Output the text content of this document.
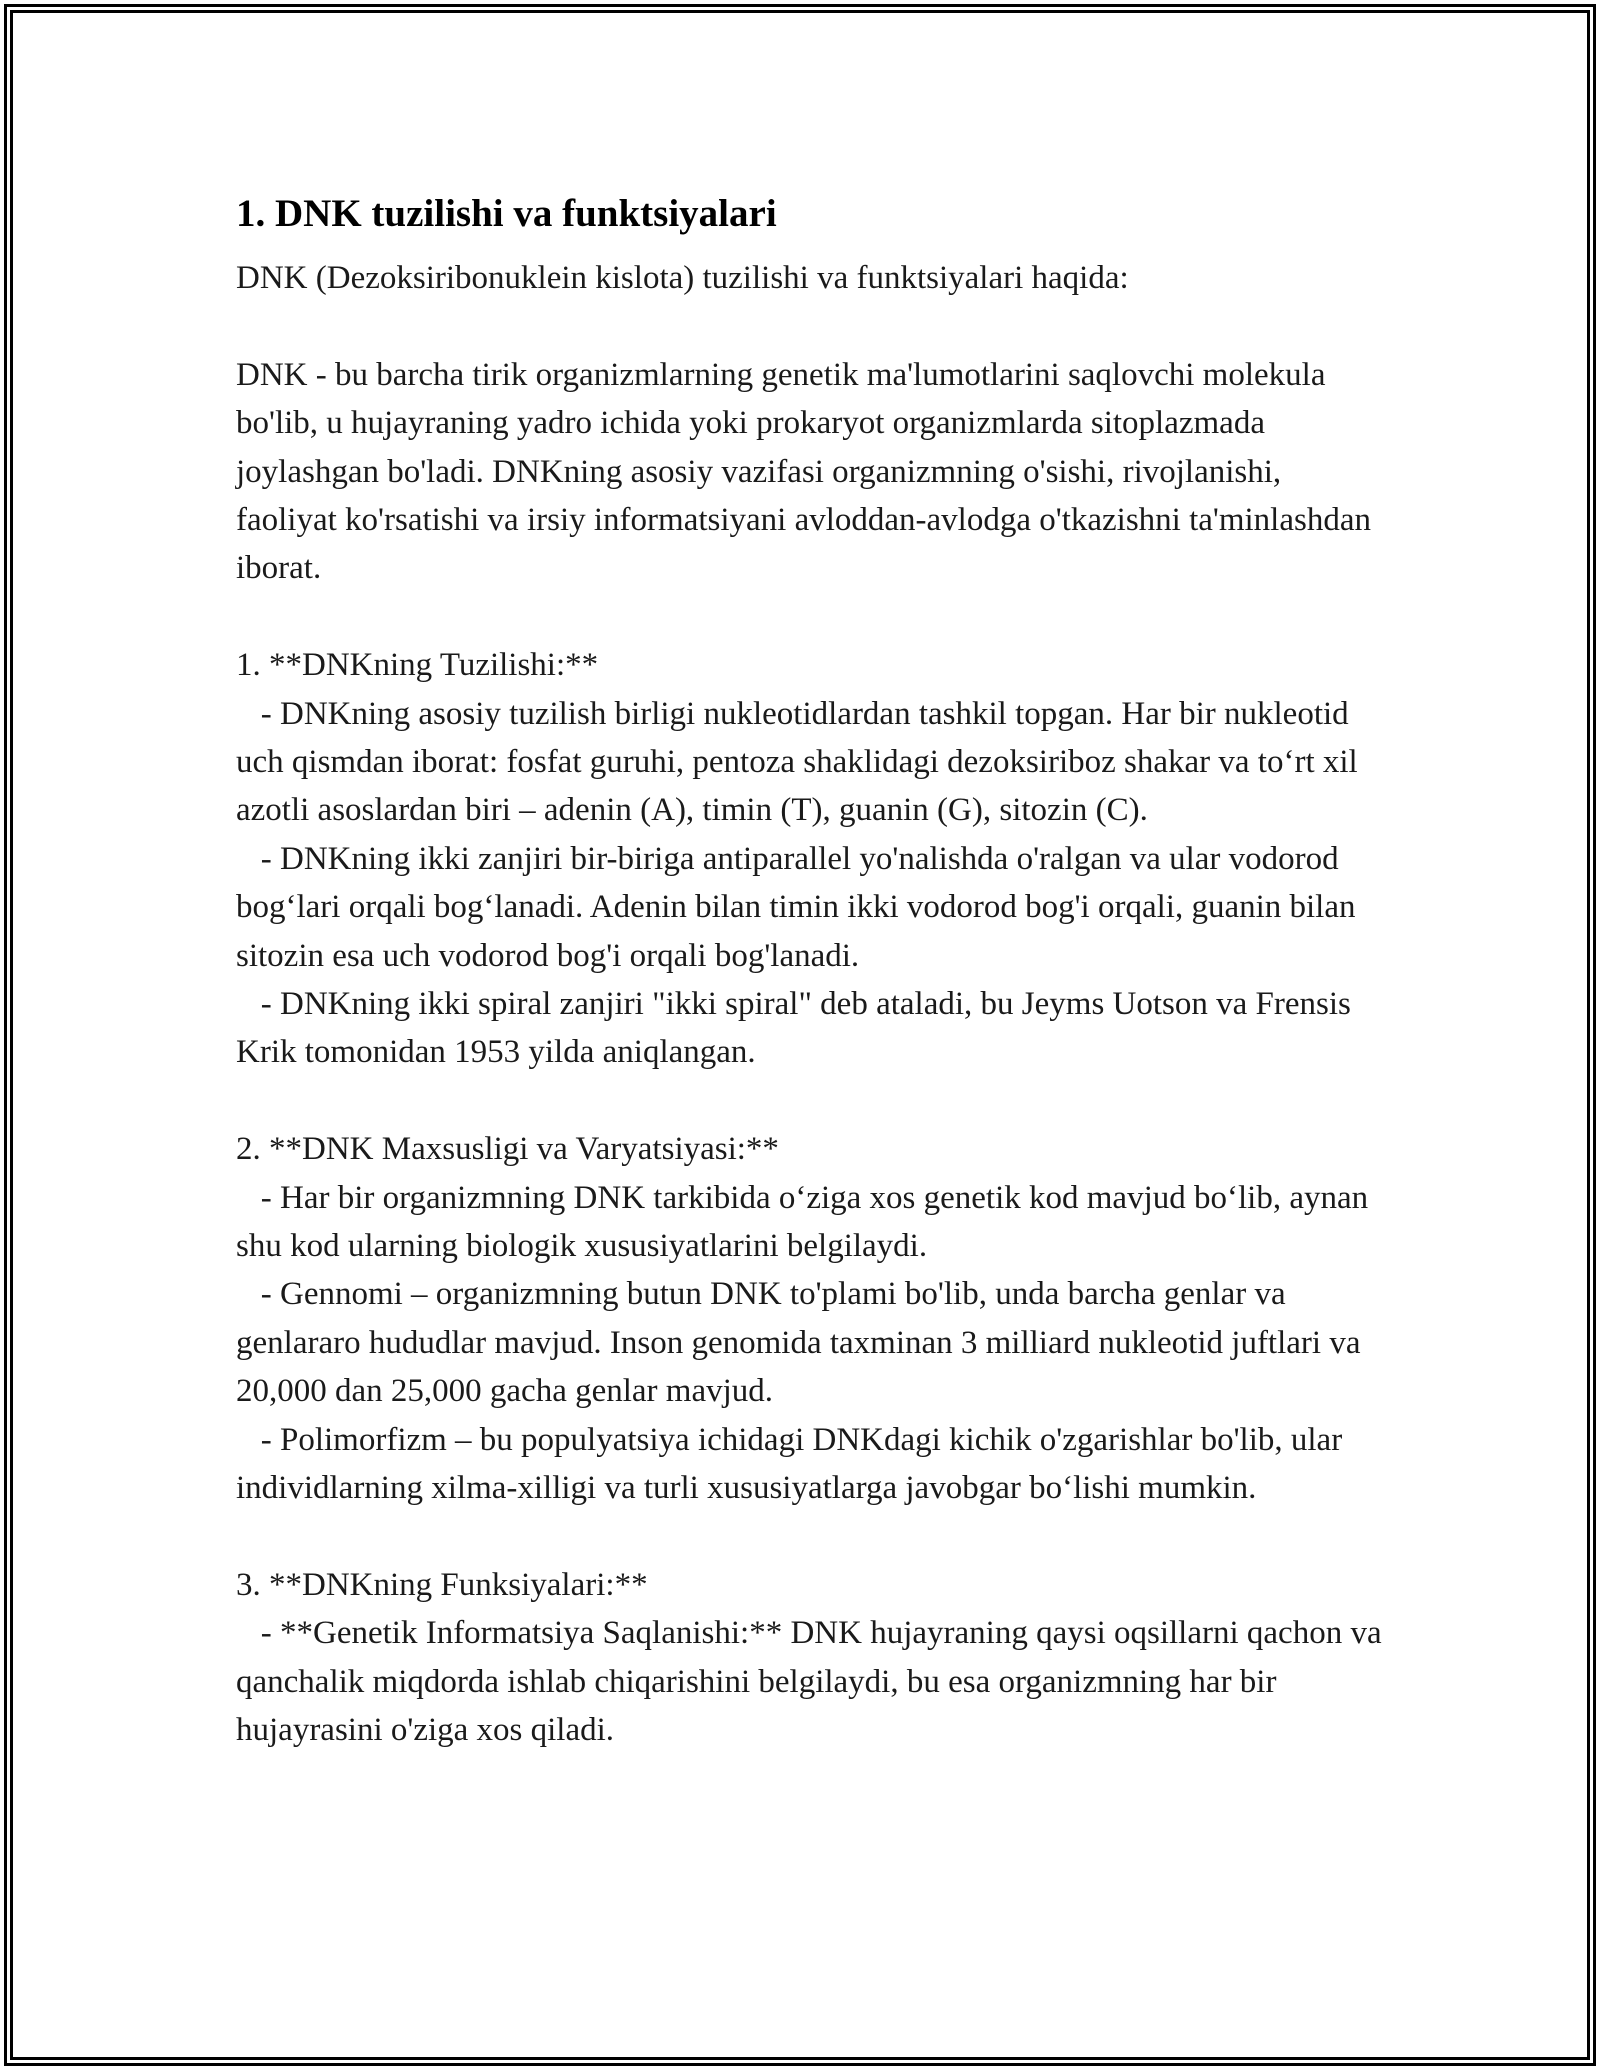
1. DNK tuzilishi va funktsiyalari

DNK (Dezoksiribonuklein kislota) tuzilishi va funktsiyalari haqida:

DNK - bu barcha tirik organizmlarning genetik ma'lumotlarini saqlovchi molekula bo'lib, u hujayraning yadro ichida yoki prokaryot organizmlarda sitoplazmada joylashgan bo'ladi. DNKning asosiy vazifasi organizmning o'sishi, rivojlanishi, faoliyat ko'rsatishi va irsiy informatsiyani avloddan-avlodga o'tkazishni ta'minlashdan iborat.

1. **DNKning Tuzilishi:**

- DNKning asosiy tuzilish birligi nukleotidlardan tashkil topgan. Har bir nukleotid uch qismdan iborat: fosfat guruhi, pentoza shaklidagi dezoksiriboz shakar va to‘rt xil azotli asoslardan biri – adenin (A), timin (T), guanin (G), sitozin (C).

- DNKning ikki zanjiri bir-biriga antiparallel yo'nalishda o'ralgan va ular vodorod bog‘lari orqali bog‘lanadi. Adenin bilan timin ikki vodorod bog'i orqali, guanin bilan sitozin esa uch vodorod bog'i orqali bog'lanadi.

- DNKning ikki spiral zanjiri "ikki spiral" deb ataladi, bu Jeyms Uotson va Frensis Krik tomonidan 1953 yilda aniqlangan.

2. **DNK Maxsusligi va Varyatsiyasi:**

- Har bir organizmning DNK tarkibida o‘ziga xos genetik kod mavjud bo‘lib, aynan shu kod ularning biologik xususiyatlarini belgilaydi.

- Gennomi – organizmning butun DNK to'plami bo'lib, unda barcha genlar va genlararo hududlar mavjud. Inson genomida taxminan 3 milliard nukleotid juftlari va 20,000 dan 25,000 gacha genlar mavjud.

- Polimorfizm – bu populyatsiya ichidagi DNKdagi kichik o'zgarishlar bo'lib, ular individlarning xilma-xilligi va turli xususiyatlarga javobgar bo‘lishi mumkin.

3. **DNKning Funksiyalari:**

- **Genetik Informatsiya Saqlanishi:** DNK hujayraning qaysi oqsillarni qachon va qanchalik miqdorda ishlab chiqarishini belgilaydi, bu esa organizmning har bir hujayrasini o'ziga xos qiladi.
